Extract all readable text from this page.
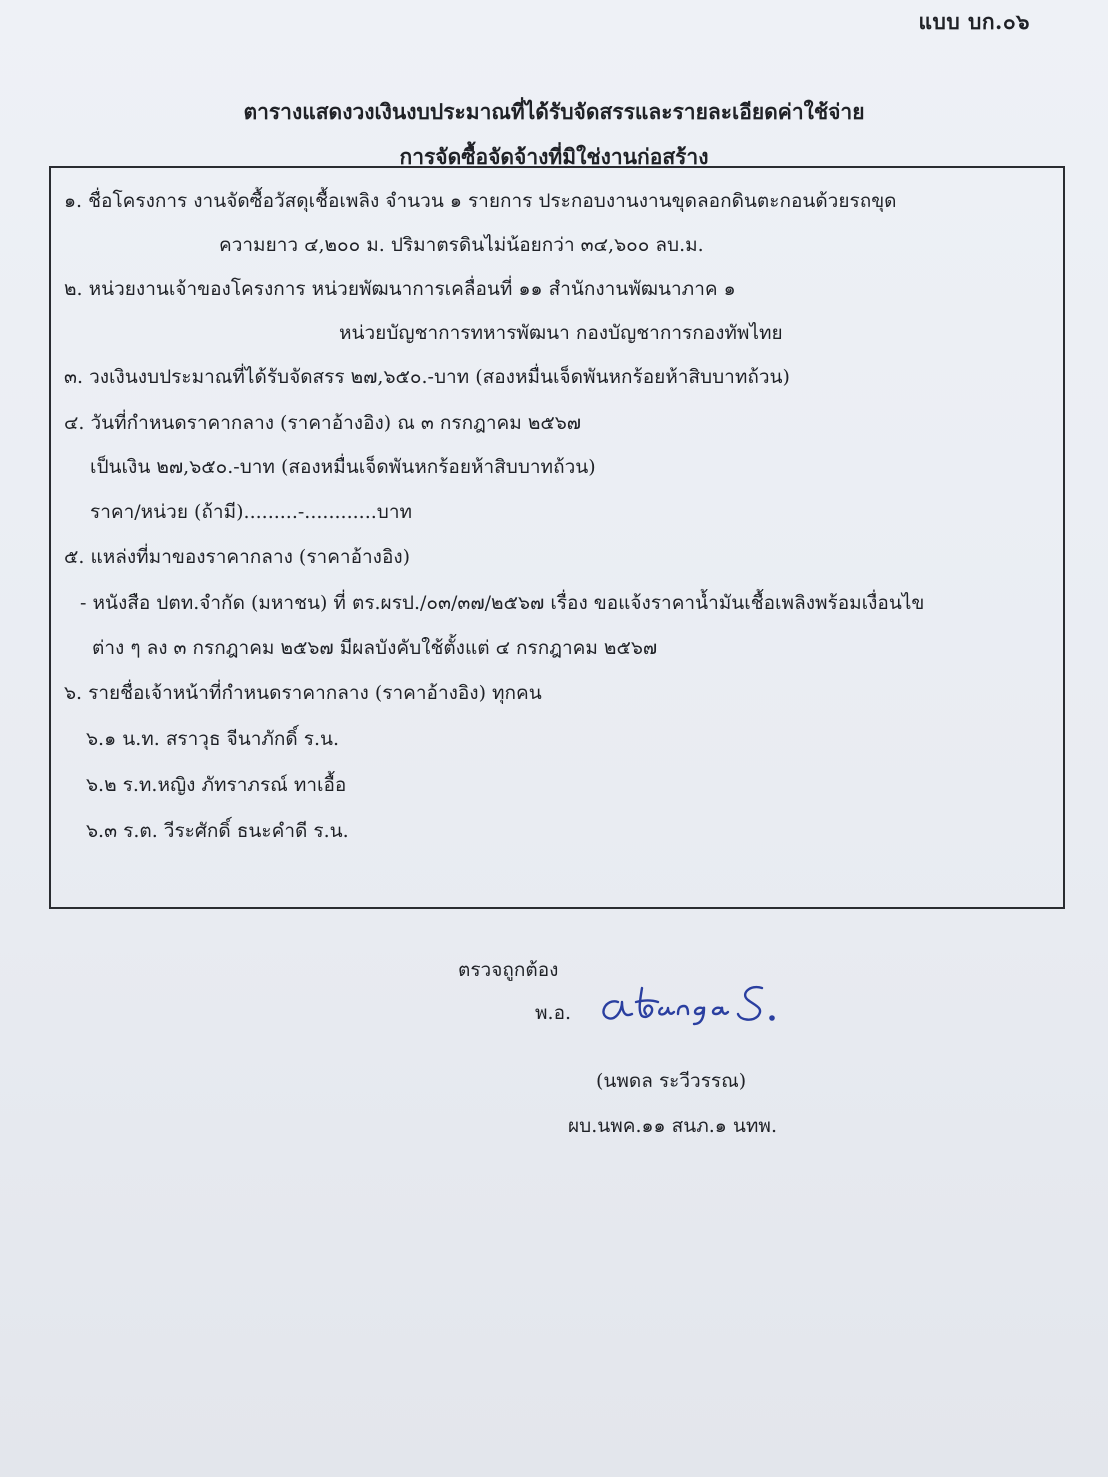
แบบ บก.๐๖
ตารางแสดงวงเงินงบประมาณที่ได้รับจัดสรรและรายละเอียดค่าใช้จ่าย
การจัดซื้อจัดจ้างที่มิใช่งานก่อสร้าง
๑. ชื่อโครงการ งานจัดซื้อวัสดุเชื้อเพลิง จำนวน ๑ รายการ ประกอบงานงานขุดลอกดินตะกอนด้วยรถขุด
ความยาว ๔,๒๐๐ ม. ปริมาตรดินไม่น้อยกว่า ๓๔,๖๐๐ ลบ.ม.
๒. หน่วยงานเจ้าของโครงการ หน่วยพัฒนาการเคลื่อนที่ ๑๑ สำนักงานพัฒนาภาค ๑
หน่วยบัญชาการทหารพัฒนา กองบัญชาการกองทัพไทย
๓. วงเงินงบประมาณที่ได้รับจัดสรร ๒๗,๖๕๐.-บาท (สองหมื่นเจ็ดพันหกร้อยห้าสิบบาทถ้วน)
๔. วันที่กำหนดราคากลาง (ราคาอ้างอิง) ณ ๓ กรกฎาคม ๒๕๖๗
เป็นเงิน ๒๗,๖๕๐.-บาท (สองหมื่นเจ็ดพันหกร้อยห้าสิบบาทถ้วน)
ราคา/หน่วย (ถ้ามี).........-............บาท
๕. แหล่งที่มาของราคากลาง (ราคาอ้างอิง)
- หนังสือ ปตท.จำกัด (มหาชน) ที่ ตร.ผรป./๐๓/๓๗/๒๕๖๗ เรื่อง ขอแจ้งราคาน้ำมันเชื้อเพลิงพร้อมเงื่อนไข
ต่าง ๆ ลง ๓ กรกฎาคม ๒๕๖๗ มีผลบังคับใช้ตั้งแต่ ๔ กรกฎาคม ๒๕๖๗
๖. รายชื่อเจ้าหน้าที่กำหนดราคากลาง (ราคาอ้างอิง) ทุกคน
๖.๑ น.ท. สราวุธ จีนาภักดิ์ ร.น.
๖.๒ ร.ท.หญิง ภัทราภรณ์ ทาเอื้อ
๖.๓ ร.ต. วีระศักดิ์ ธนะคำดี ร.น.
ตรวจถูกต้อง
พ.อ.
(นพดล ระวีวรรณ)
ผบ.นพค.๑๑ สนภ.๑ นทพ.
